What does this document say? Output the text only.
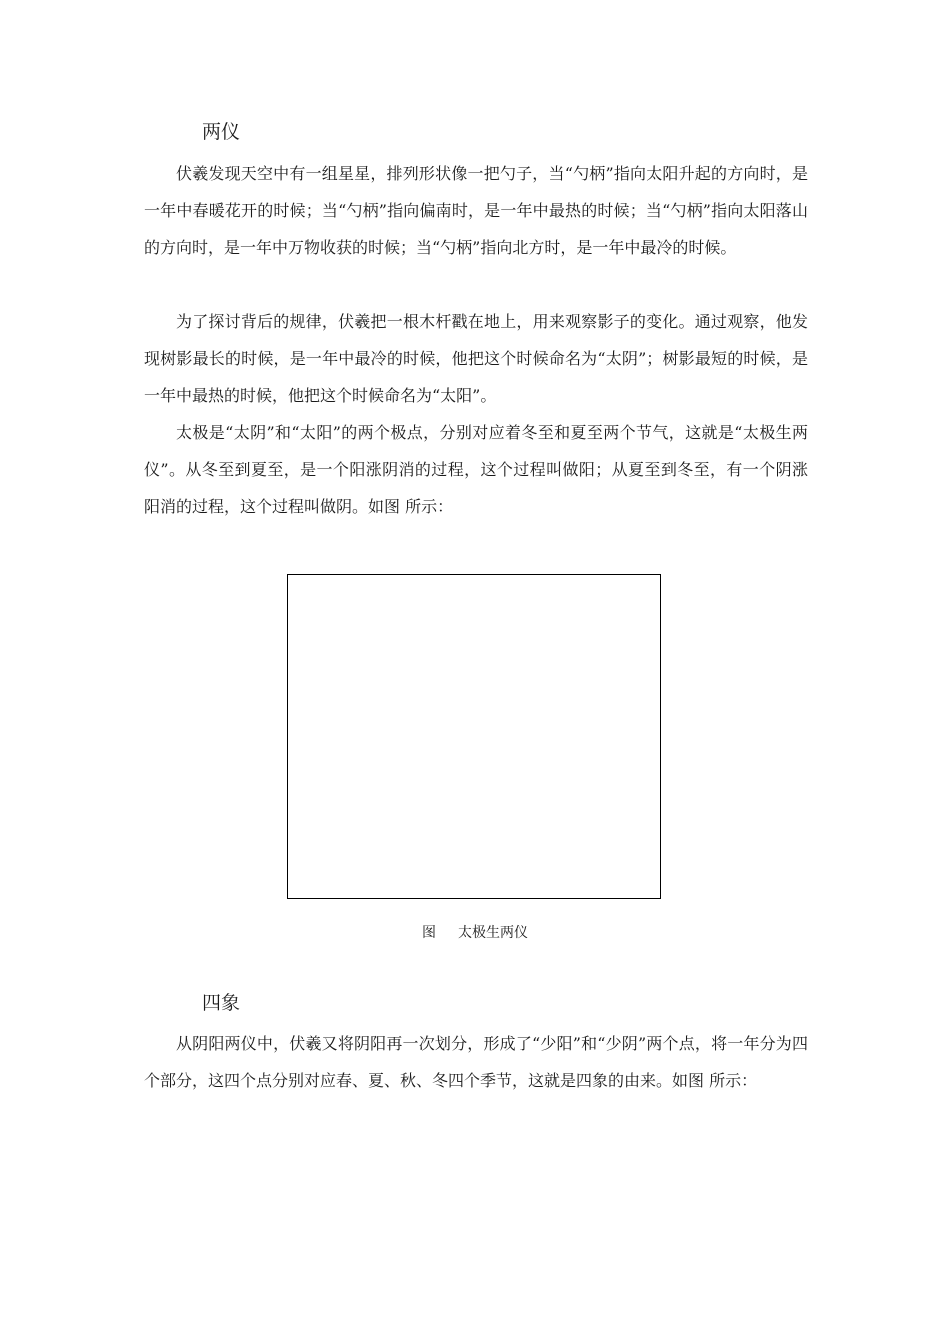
两仪

伏羲发现天空中有一组星星，排列形状像一把勺子，当“勺柄”指向太阳升起的方向时，是一年中春暖花开的时候；当“勺柄”指向偏南时，是一年中最热的时候；当“勺柄”指向太阳落山的方向时，是一年中万物收获的时候；当“勺柄”指向北方时，是一年中最冷的时候。

为了探讨背后的规律，伏羲把一根木杆戳在地上，用来观察影子的变化。通过观察，他发现树影最长的时候，是一年中最冷的时候，他把这个时候命名为“太阴”；树影最短的时候，是一年中最热的时候，他把这个时候命名为“太阳”。

太极是“太阴”和“太阳”的两个极点，分别对应着冬至和夏至两个节气，这就是“太极生两仪”。从冬至到夏至，是一个阳涨阴消的过程，这个过程叫做阳；从夏至到冬至，有一个阴涨阳消的过程，这个过程叫做阴。如图 所示：

图 太极生两仪
四象

从阴阳两仪中，伏羲又将阴阳再一次划分，形成了“少阳”和“少阴”两个点，将一年分为四个部分，这四个点分别对应春、夏、秋、冬四个季节，这就是四象的由来。如图 所示：
